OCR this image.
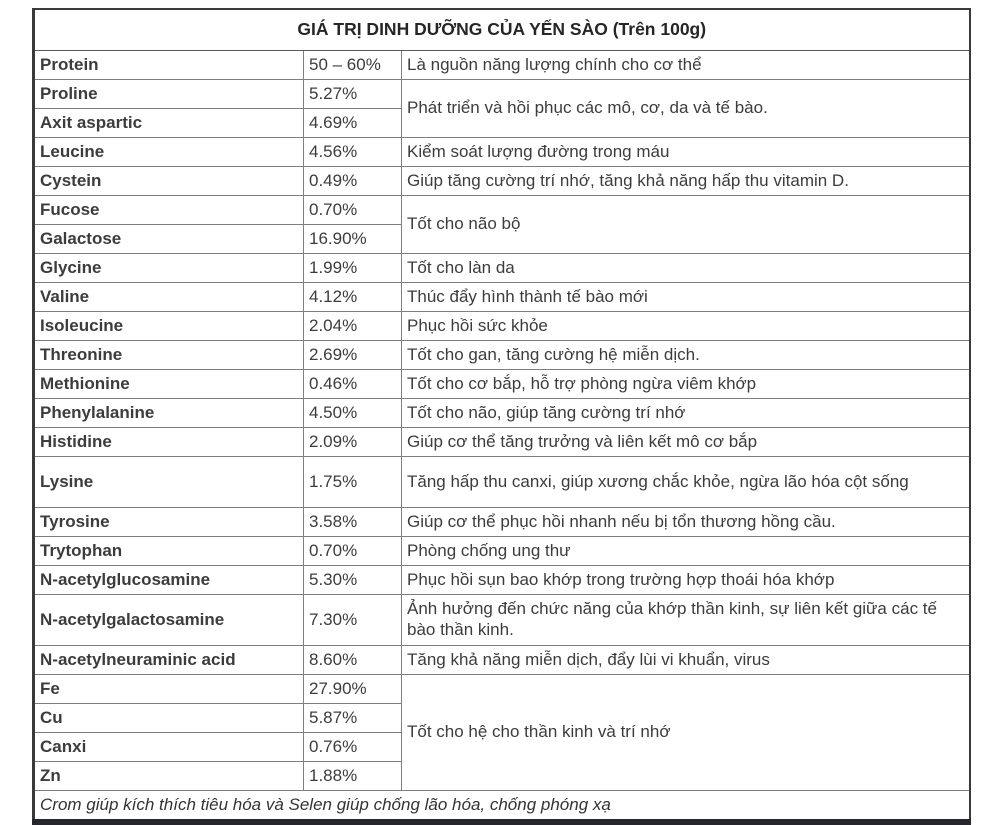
GIÁ TRỊ DINH DƯỠNG CỦA YẾN SÀO (Trên 100g)		
Protein	50 – 60%	Là nguồn năng lượng chính cho cơ thể
Proline	5.27%	Phát triển và hồi phục các mô, cơ, da và tế bào.
Axit aspartic	4.69%	
Leucine	4.56%	Kiểm soát lượng đường trong máu
Cystein	0.49%	Giúp tăng cường trí nhớ, tăng khả năng hấp thu vitamin D.
Fucose	0.70%	Tốt cho não bộ
Galactose	16.90%	
Glycine	1.99%	Tốt cho làn da
Valine	4.12%	Thúc đẩy hình thành tế bào mới
Isoleucine	2.04%	Phục hồi sức khỏe
Threonine	2.69%	Tốt cho gan, tăng cường hệ miễn dịch.
Methionine	0.46%	Tốt cho cơ bắp, hỗ trợ phòng ngừa viêm khớp
Phenylalanine	4.50%	Tốt cho não, giúp tăng cường trí nhớ
Histidine	2.09%	Giúp cơ thể tăng trưởng và liên kết mô cơ bắp
Lysine	1.75%	Tăng hấp thu canxi, giúp xương chắc khỏe, ngừa lão hóa cột sống
Tyrosine	3.58%	Giúp cơ thể phục hồi nhanh nếu bị tổn thương hồng cầu.
Trytophan	0.70%	Phòng chống ung thư
N-acetylglucosamine	5.30%	Phục hồi sụn bao khớp trong trường hợp thoái hóa khớp
N-acetylgalactosamine	7.30%	Ảnh hưởng đến chức năng của khớp thần kinh, sự liên kết giữa các tế bào thần kinh.
N-acetylneuraminic acid	8.60%	Tăng khả năng miễn dịch, đẩy lùi vi khuẩn, virus
Fe	27.90%	Tốt cho hệ cho thần kinh và trí nhớ
Cu	5.87%	
Canxi	0.76%	
Zn	1.88%	
Crom giúp kích thích tiêu hóa và Selen giúp chống lão hóa, chống phóng xạ		
